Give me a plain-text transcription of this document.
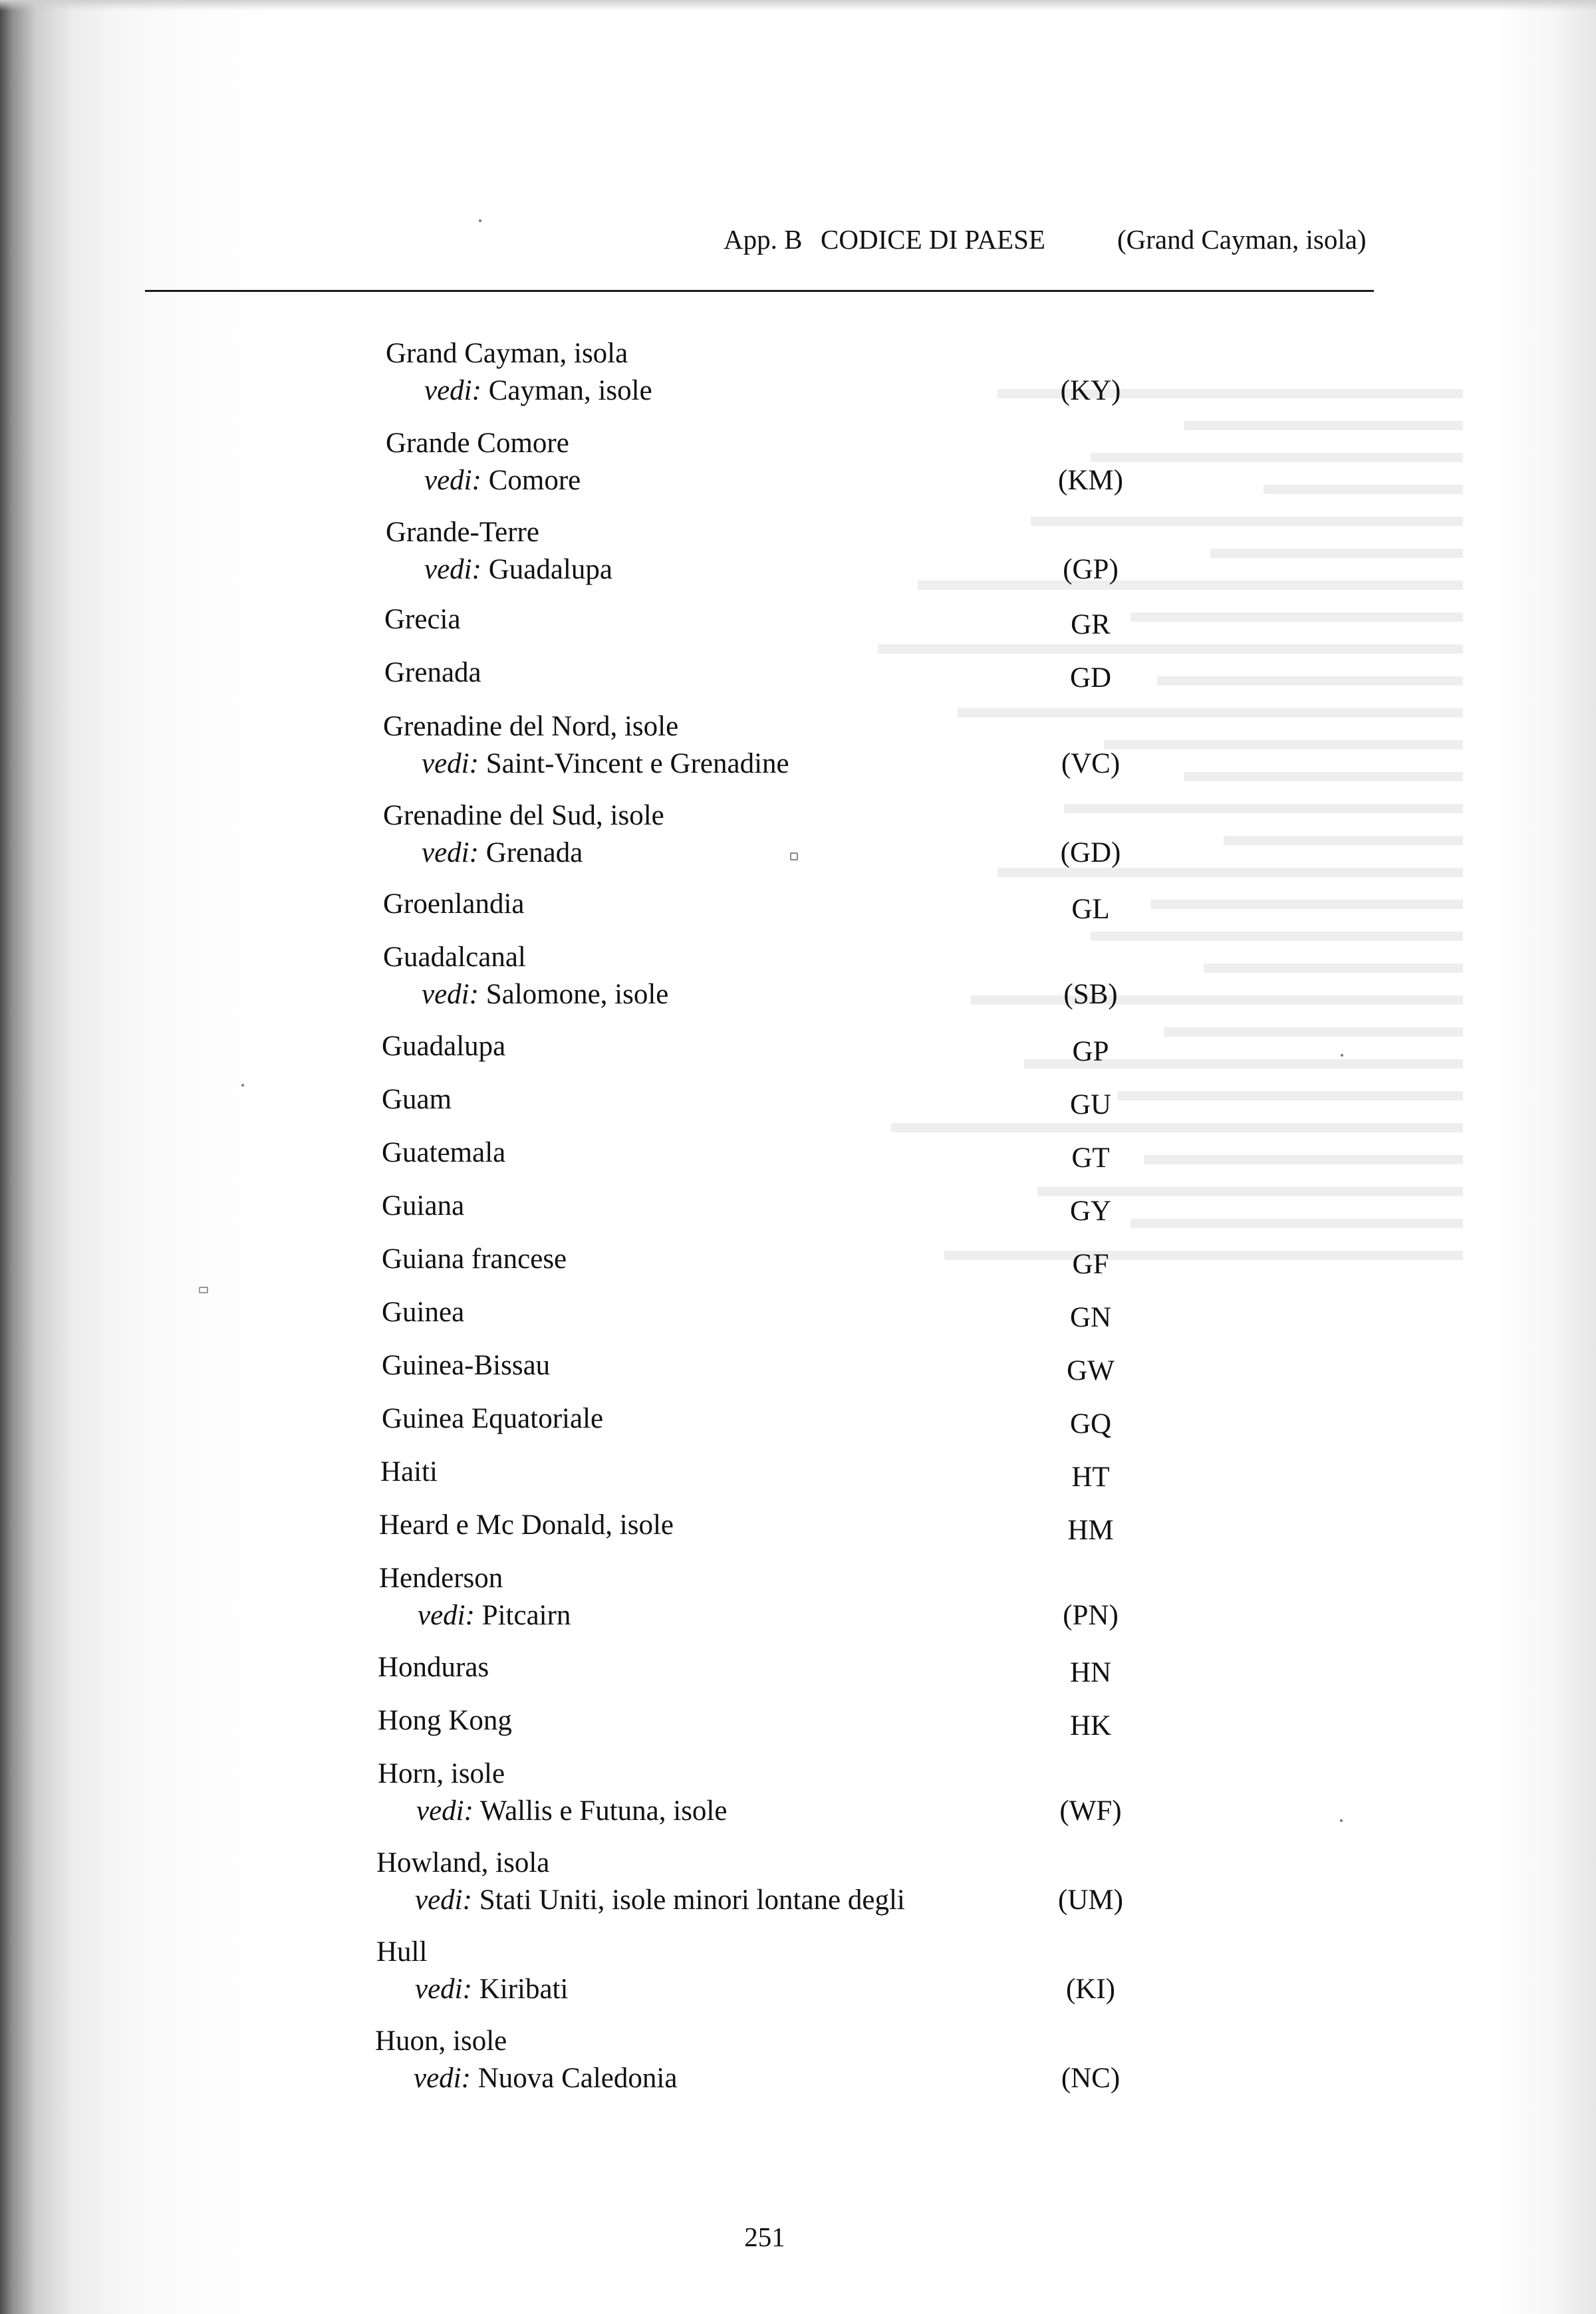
App. B CODICE DI PAESE	(Grand Cayman, isola)
Grand Cayman, isola
vedi: Cayman, isole	(KY)
Grande Comore
vedi: Comore	(KM)
Grande-Terre
vedi: Guadalupa	(GP)
Grecia	GR
Grenada	GD
Grenadine del Nord, isole
vedi: Saint-Vincent e Grenadine	(VC)
Grenadine del Sud, isole
vedi: Grenada	(GD)
Groenlandia	GL
Guadalcanal
vedi: Salomone, isole	(SB)
Guadalupa	GP
Guam	GU
Guatemala	GT
Guiana	GY
Guiana francese	GF
Guinea	GN
Guinea-Bissau	GW
Guinea Equatoriale	GQ
Haiti	HT
Heard e Mc Donald, isole	HM
Henderson
vedi: Pitcairn	(PN)
Honduras	HN
Hong Kong	HK
Horn, isole
vedi: Wallis e Futuna, isole	(WF)
Howland, isola
vedi: Stati Uniti, isole minori lontane degli	(UM)
Hull
vedi: Kiribati	(KI)
Huon, isole
vedi: Nuova Caledonia	(NC)
251
